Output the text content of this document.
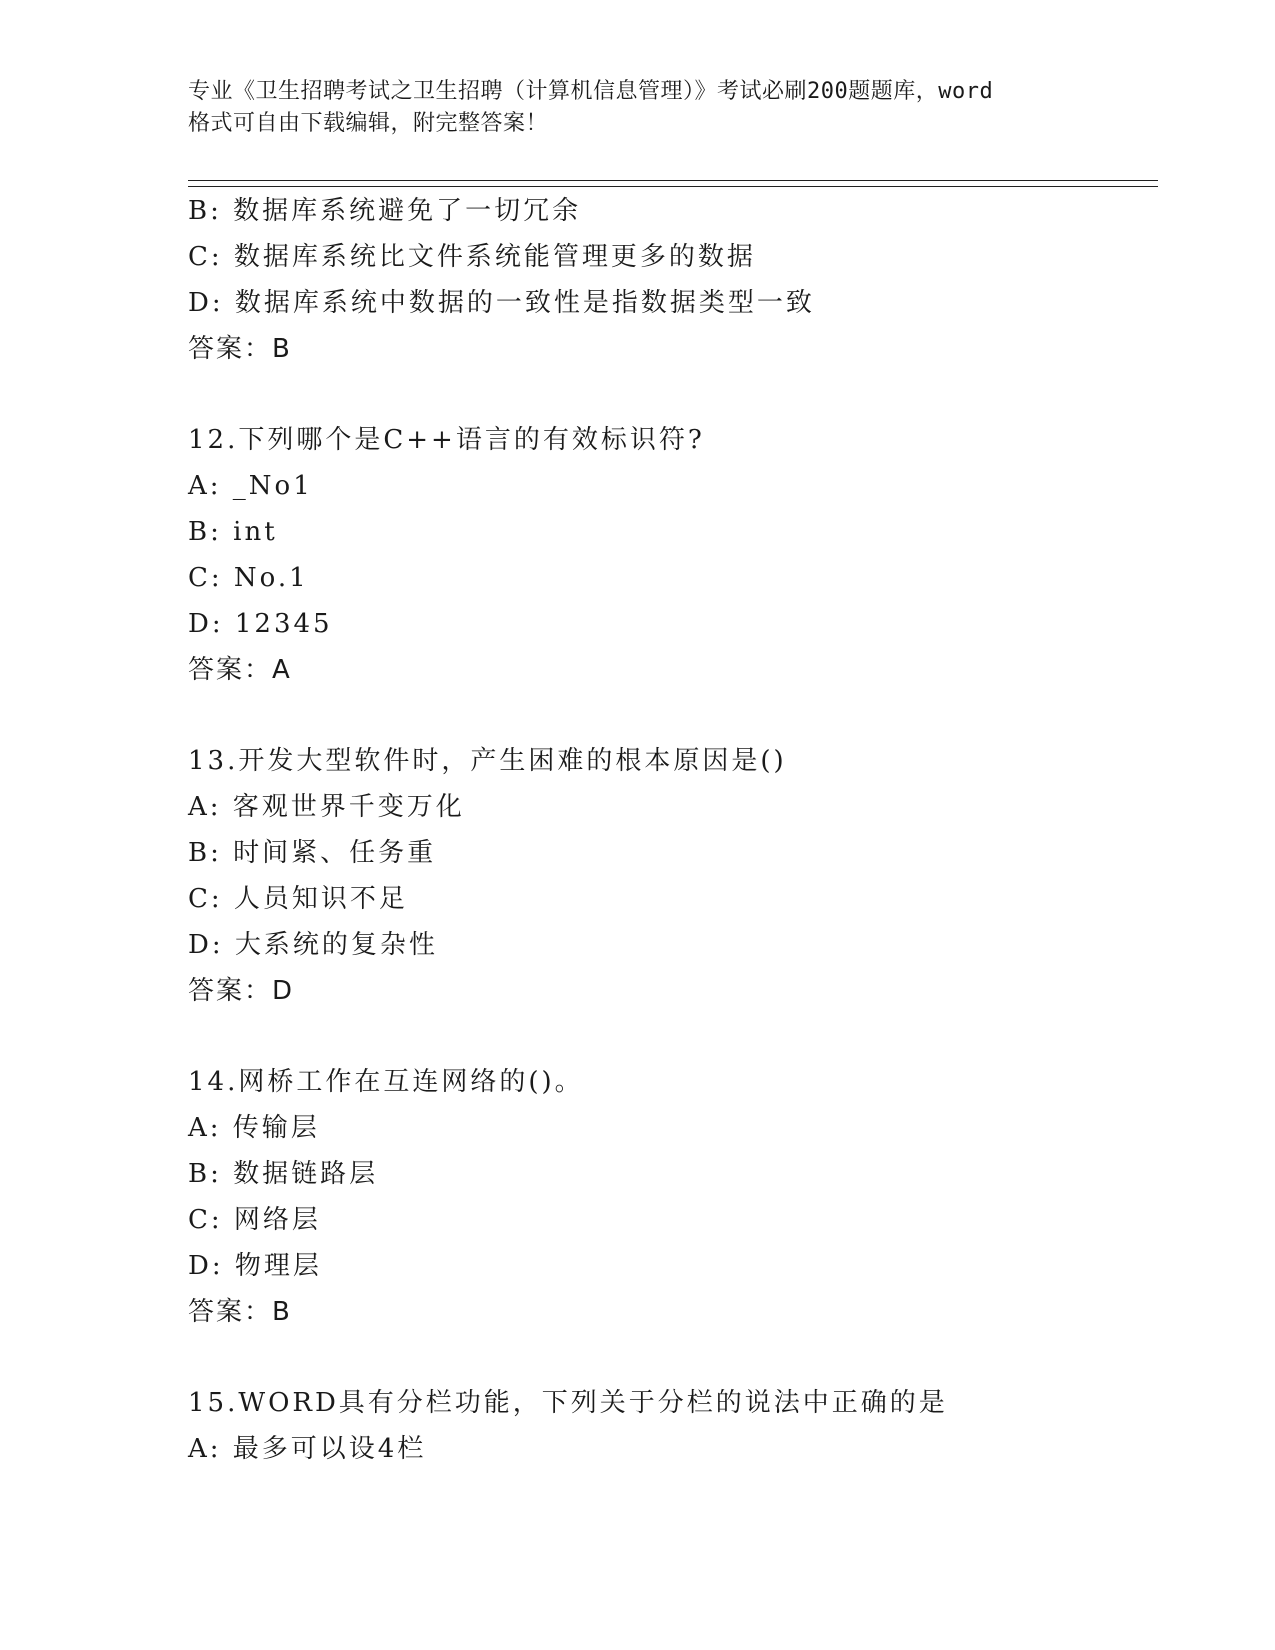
专业《卫生招聘考试之卫生招聘（计算机信息管理）》考试必刷200题题库，word
格式可自由下载编辑，附完整答案！
B: 数据库系统避免了一切冗余
C: 数据库系统比文件系统能管理更多的数据
D: 数据库系统中数据的一致性是指数据类型一致
答案：B
12.下列哪个是C++语言的有效标识符?
A: _No1
B: int
C: No.1
D: 12345
答案：A
13.开发大型软件时，产生困难的根本原因是()
A: 客观世界千变万化
B: 时间紧、任务重
C: 人员知识不足
D: 大系统的复杂性
答案：D
14.网桥工作在互连网络的()。
A: 传输层
B: 数据链路层
C: 网络层
D: 物理层
答案：B
15.WORD具有分栏功能，下列关于分栏的说法中正确的是
A: 最多可以设4栏
